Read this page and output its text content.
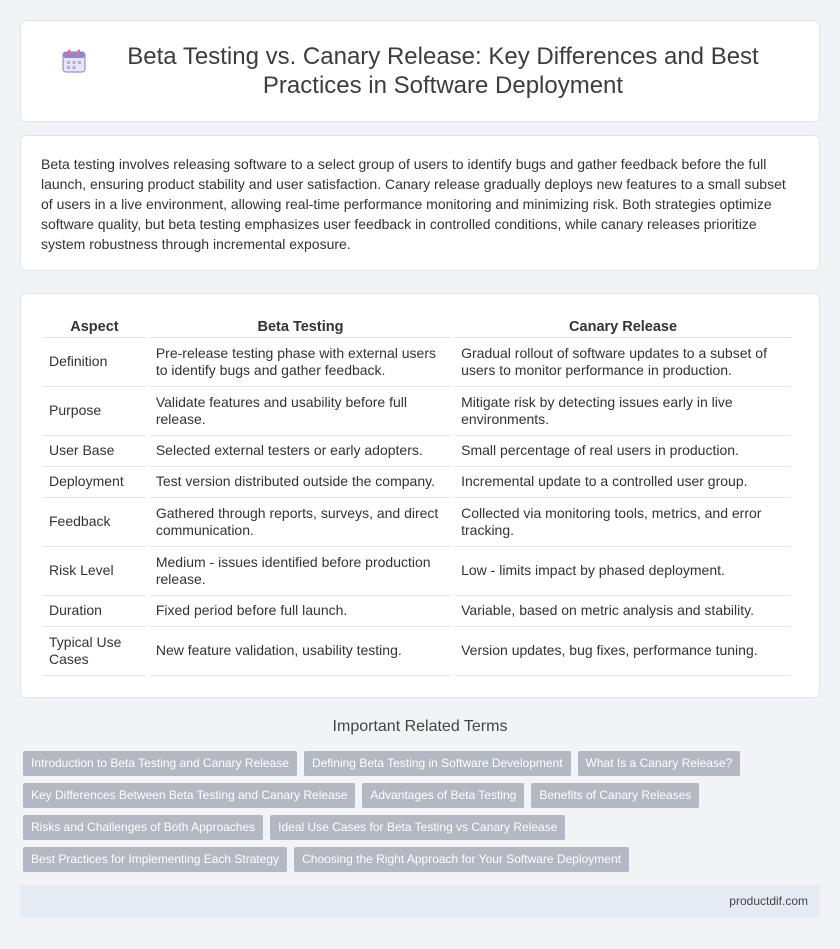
Beta Testing vs. Canary Release: Key Differences and Best Practices in Software Deployment

Beta testing involves releasing software to a select group of users to identify bugs and gather feedback before the full launch, ensuring product stability and user satisfaction. Canary release gradually deploys new features to a small subset of users in a live environment, allowing real-time performance monitoring and minimizing risk. Both strategies optimize software quality, but beta testing emphasizes user feedback in controlled conditions, while canary releases prioritize system robustness through incremental exposure.

Aspect	Beta Testing	Canary Release
Definition	Pre-release testing phase with external users to identify bugs and gather feedback.	Gradual rollout of software updates to a subset of users to monitor performance in production.
Purpose	Validate features and usability before full release.	Mitigate risk by detecting issues early in live environments.
User Base	Selected external testers or early adopters.	Small percentage of real users in production.
Deployment	Test version distributed outside the company.	Incremental update to a controlled user group.
Feedback	Gathered through reports, surveys, and direct communication.	Collected via monitoring tools, metrics, and error tracking.
Risk Level	Medium - issues identified before production release.	Low - limits impact by phased deployment.
Duration	Fixed period before full launch.	Variable, based on metric analysis and stability.
Typical Use Cases	New feature validation, usability testing.	Version updates, bug fixes, performance tuning.
Important Related Terms
Introduction to Beta Testing and Canary Release	Defining Beta Testing in Software Development	What Is a Canary Release?
Key Differences Between Beta Testing and Canary Release	Advantages of Beta Testing	Benefits of Canary Releases
Risks and Challenges of Both Approaches	Ideal Use Cases for Beta Testing vs Canary Release
Best Practices for Implementing Each Strategy	Choosing the Right Approach for Your Software Deployment
productdif.com
